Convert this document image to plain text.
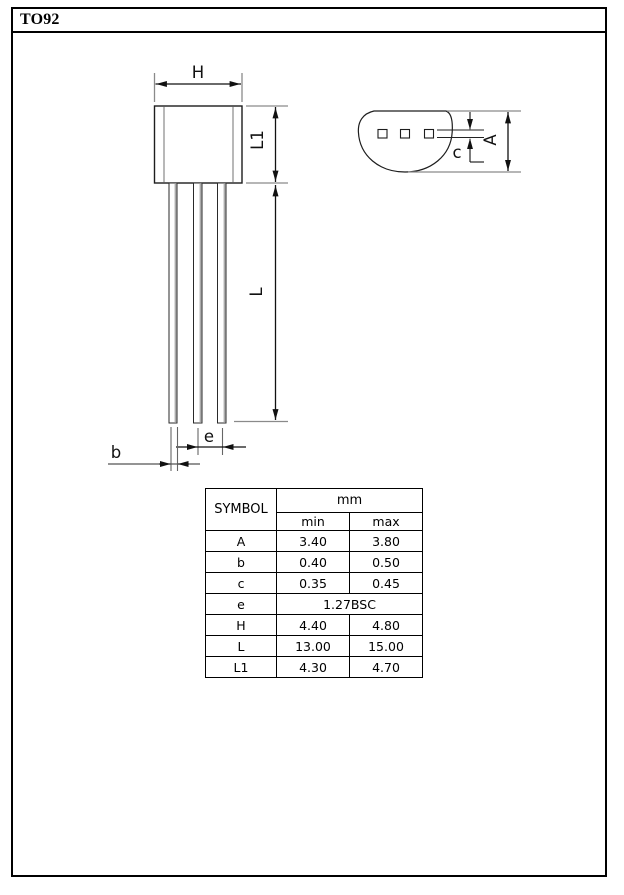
TO92
H
L1
L
e
b
c
A
SYMBOL	mm	
	min	max
A	3.40	3.80
b	0.40	0.50
c	0.35	0.45
e	1.27BSC	
H	4.40	4.80
L	13.00	15.00
L1	4.30	4.70
